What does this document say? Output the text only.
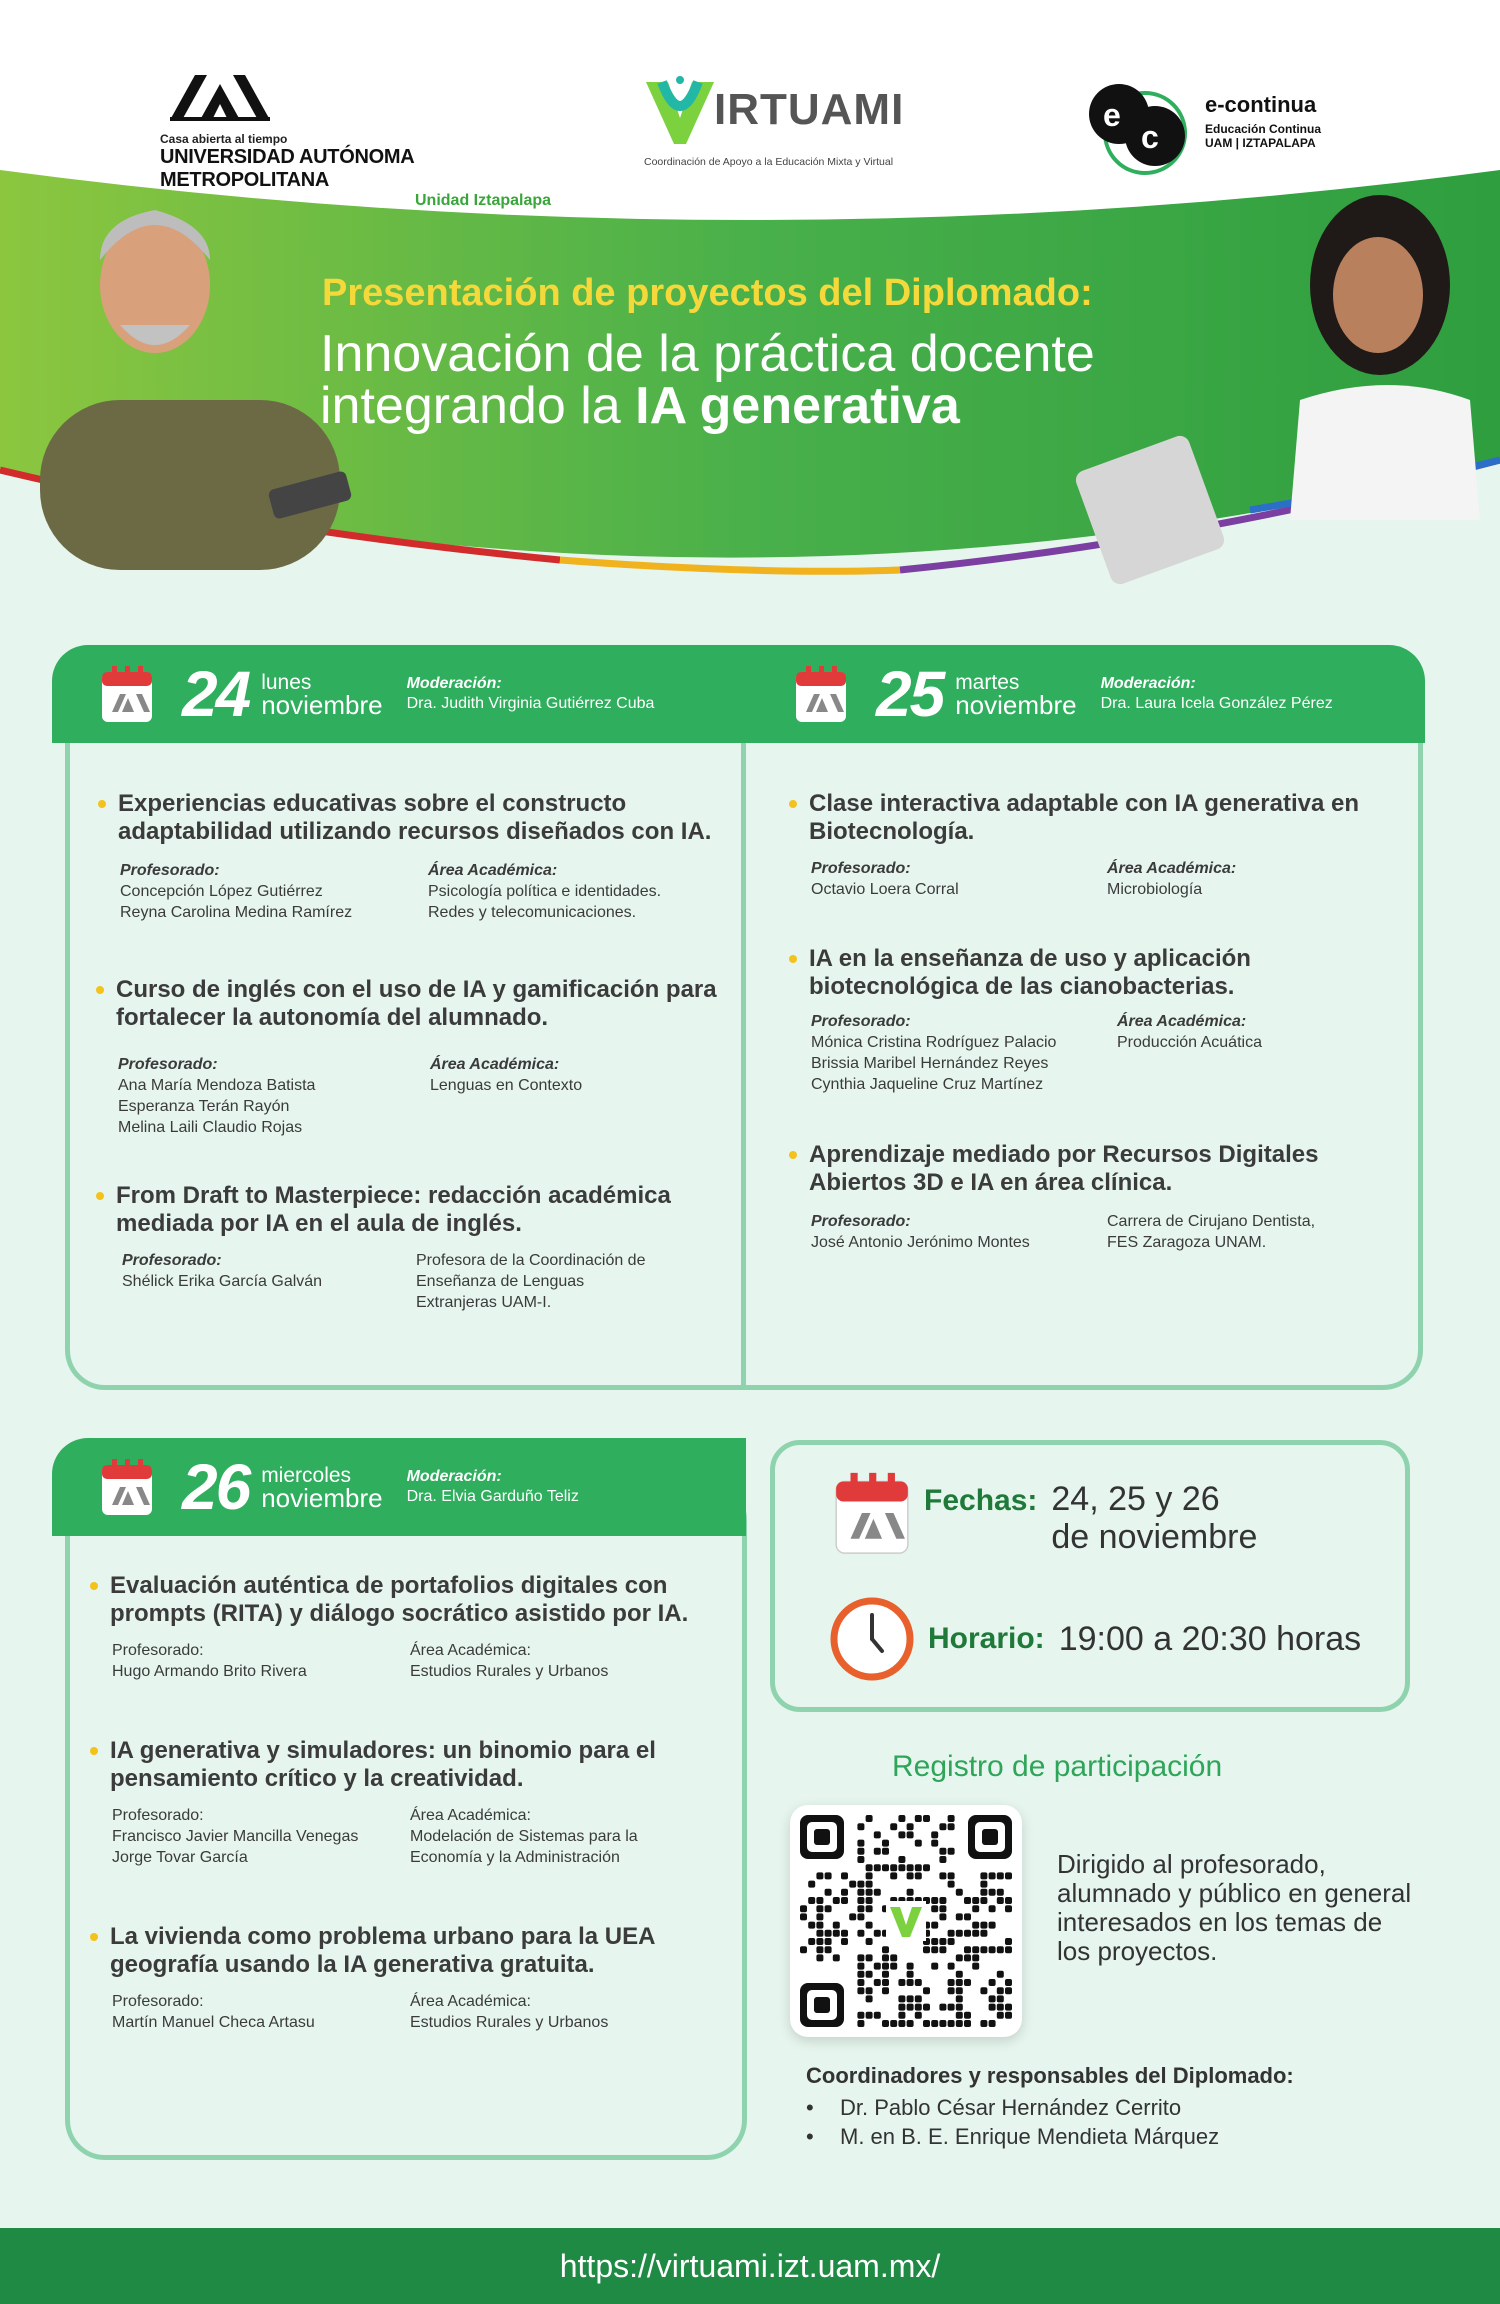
Casa abierta al tiempo
UNIVERSIDAD AUTÓNOMA METROPOLITANA
Unidad Iztapalapa
IRTUAMI
Coordinación de Apoyo a la Educación Mixta y Virtual
e
c
e-continua
Educación Continua
UAM | IZTAPALAPA
Presentación de proyectos del Diplomado:
Innovación de la práctica docente
integrando la IA generativa
24 lunes
noviembre
Moderación:
Dra. Judith Virginia Gutiérrez Cuba	25 martes
noviembre
Moderación:
Dra. Laura Icela González Pérez
Experiencias educativas sobre el constructo adaptabilidad utilizando recursos diseñados con IA.
Profesorado:
Concepción López Gutiérrez
Reyna Carolina Medina Ramírez
Área Académica:
Psicología política e identidades.
Redes y telecomunicaciones.
Curso de inglés con el uso de IA y gamificación para fortalecer la autonomía del alumnado.
Profesorado:
Ana María Mendoza Batista
Esperanza Terán Rayón
Melina Laili Claudio Rojas
Área Académica:
Lenguas en Contexto
From Draft to Masterpiece: redacción académica mediada por IA en el aula de inglés.
Profesorado:
Shélick Erika García Galván
Profesora de la Coordinación de
Enseñanza de Lenguas
Extranjeras UAM-I.
Clase interactiva adaptable con IA generativa en Biotecnología.
Profesorado:
Octavio Loera Corral
Área Académica:
Microbiología
IA en la enseñanza de uso y aplicación biotecnológica de las cianobacterias.
Profesorado:
Mónica Cristina Rodríguez Palacio
Brissia Maribel Hernández Reyes
Cynthia Jaqueline Cruz Martínez
Área Académica:
Producción Acuática
Aprendizaje mediado por Recursos Digitales Abiertos 3D e IA en área clínica.
Profesorado:
José Antonio Jerónimo Montes
Carrera de Cirujano Dentista,
FES Zaragoza UNAM.
26 miercoles
noviembre
Moderación:
Dra. Elvia Garduño Teliz
Evaluación auténtica de portafolios digitales con prompts (RITA) y diálogo socrático asistido por IA.
Profesorado:
Hugo Armando Brito Rivera
Área Académica:
Estudios Rurales y Urbanos
IA generativa y simuladores: un binomio para el pensamiento crítico y la creatividad.
Profesorado:
Francisco Javier Mancilla Venegas
Jorge Tovar García
Área Académica:
Modelación de Sistemas para la
Economía y la Administración
La vivienda como problema urbano para la UEA geografía usando la IA generativa gratuita.
Profesorado:
Martín Manuel Checa Artasu
Área Académica:
Estudios Rurales y Urbanos
Fechas: 24, 25 y 26
de noviembre
Horario: 19:00 a 20:30 horas
Registro de participación
Dirigido al profesorado, alumnado y público en general interesados en los temas de los proyectos.
Coordinadores y responsables del Diplomado:
• Dr. Pablo César Hernández Cerrito
• M. en B. E. Enrique Mendieta Márquez
https://virtuami.izt.uam.mx/
